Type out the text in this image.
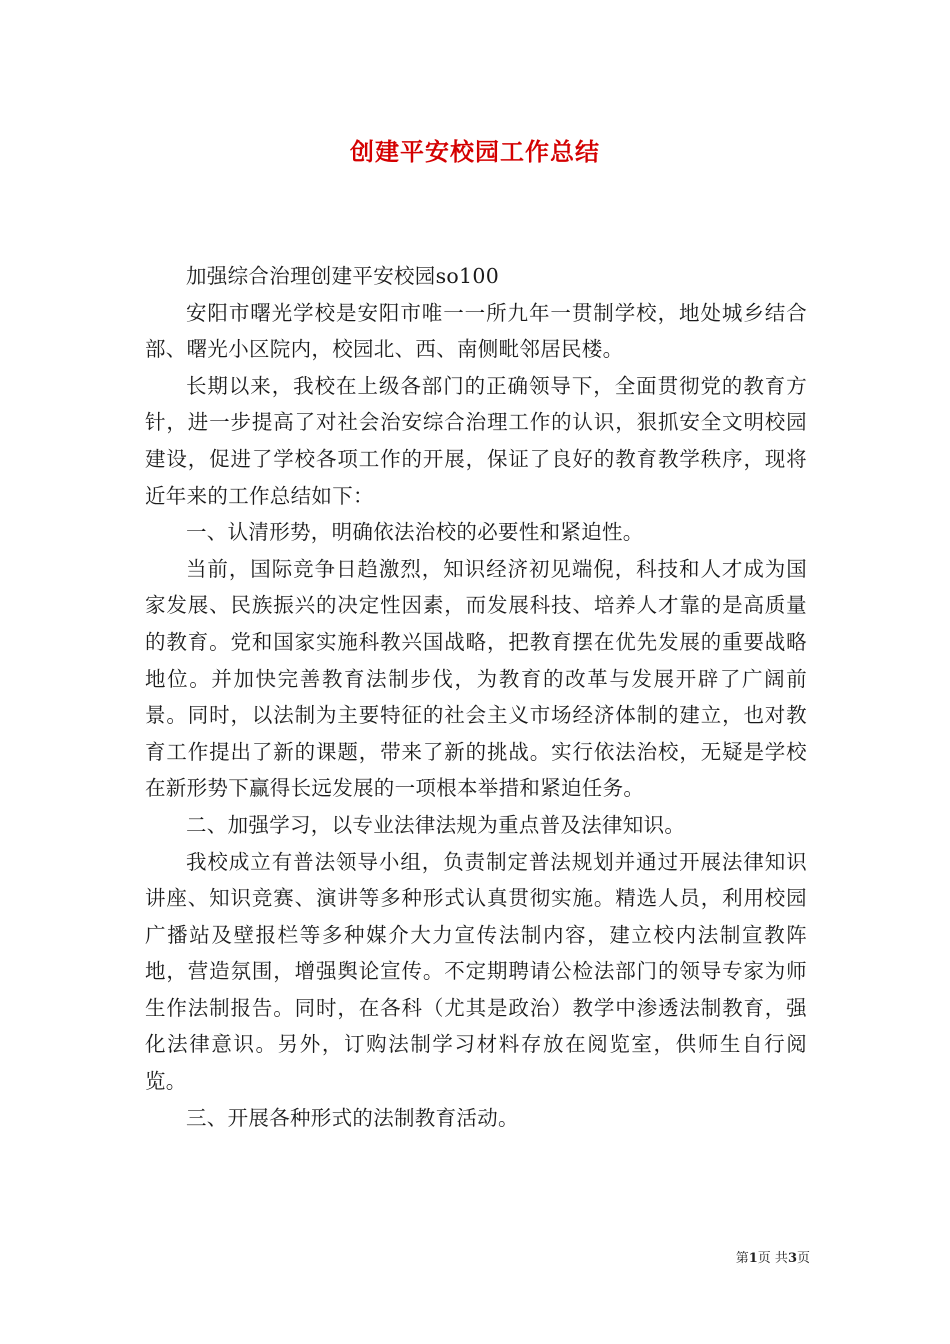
创建平安校园工作总结

加强综合治理创建平安校园so100

安阳市曙光学校是安阳市唯一一所九年一贯制学校，地处城乡结合部、曙光小区院内，校园北、西、南侧毗邻居民楼。

长期以来，我校在上级各部门的正确领导下，全面贯彻党的教育方针，进一步提高了对社会治安综合治理工作的认识，狠抓安全文明校园建设，促进了学校各项工作的开展，保证了良好的教育教学秩序，现将近年来的工作总结如下：

一、认清形势，明确依法治校的必要性和紧迫性。

当前，国际竞争日趋激烈，知识经济初见端倪，科技和人才成为国家发展、民族振兴的决定性因素，而发展科技、培养人才靠的是高质量的教育。党和国家实施科教兴国战略，把教育摆在优先发展的重要战略地位。并加快完善教育法制步伐，为教育的改革与发展开辟了广阔前景。同时，以法制为主要特征的社会主义市场经济体制的建立，也对教育工作提出了新的课题，带来了新的挑战。实行依法治校，无疑是学校在新形势下赢得长远发展的一项根本举措和紧迫任务。

二、加强学习，以专业法律法规为重点普及法律知识。

我校成立有普法领导小组，负责制定普法规划并通过开展法律知识讲座、知识竞赛、演讲等多种形式认真贯彻实施。精选人员，利用校园广播站及壁报栏等多种媒介大力宣传法制内容，建立校内法制宣教阵地，营造氛围，增强舆论宣传。不定期聘请公检法部门的领导专家为师生作法制报告。同时，在各科（尤其是政治）教学中渗透法制教育，强化法律意识。另外，订购法制学习材料存放在阅览室，供师生自行阅览。

三、开展各种形式的法制教育活动。

第1页 共3页
